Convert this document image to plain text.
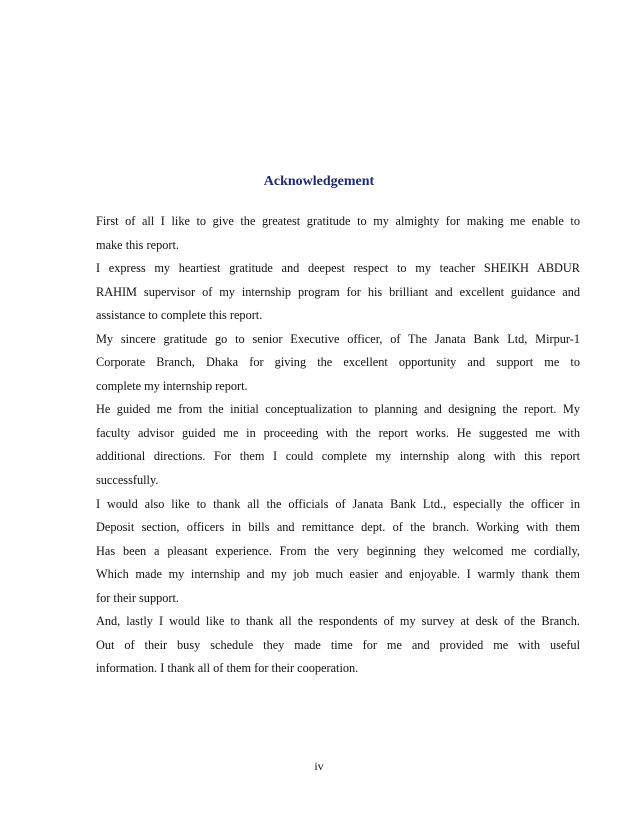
Acknowledgement
First of all I like to give the greatest gratitude to my almighty for making me enable to
make this report.
I express my heartiest gratitude and deepest respect to my teacher SHEIKH ABDUR
RAHIM supervisor of my internship program for his brilliant and excellent guidance and
assistance to complete this report.
My sincere gratitude go to senior Executive officer, of The Janata Bank Ltd, Mirpur-1
Corporate Branch, Dhaka for giving the excellent opportunity and support me to
complete my internship report.
He guided me from the initial conceptualization to planning and designing the report. My
faculty advisor guided me in proceeding with the report works. He suggested me with
additional directions. For them I could complete my internship along with this report
successfully.
I would also like to thank all the officials of Janata Bank Ltd., especially the officer in
Deposit section, officers in bills and remittance dept. of the branch. Working with them
Has been a pleasant experience. From the very beginning they welcomed me cordially,
Which made my internship and my job much easier and enjoyable. I warmly thank them
for their support.
And, lastly I would like to thank all the respondents of my survey at desk of the Branch.
Out of their busy schedule they made time for me and provided me with useful
information. I thank all of them for their cooperation.
iv
